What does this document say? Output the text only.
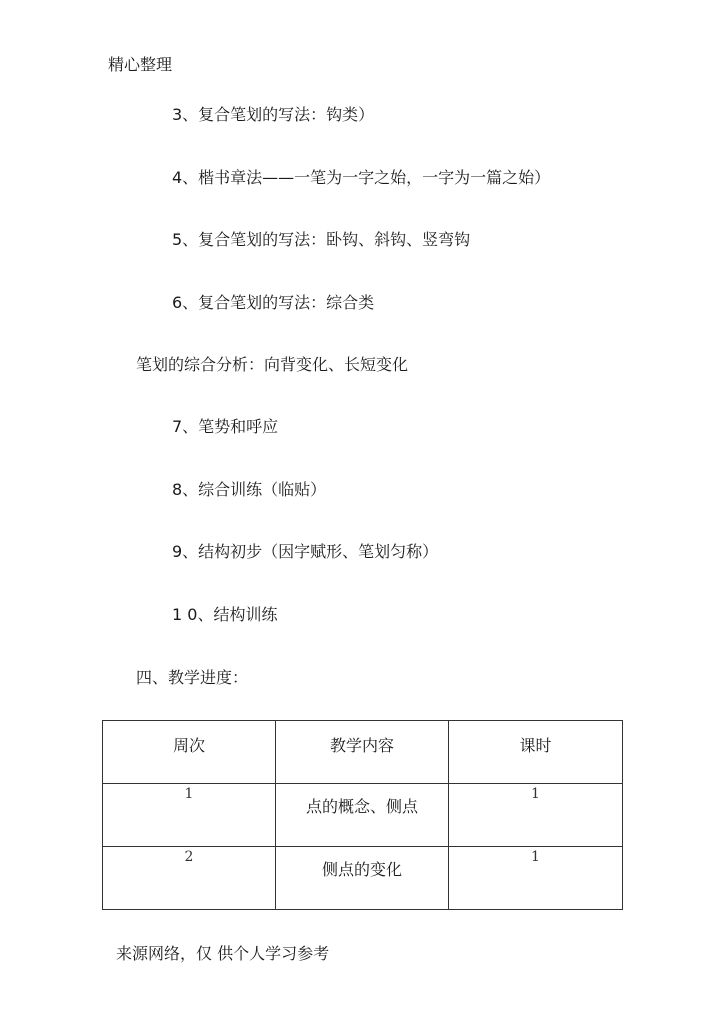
精心整理
3、复合笔划的写法：钩类）
4、楷书章法——一笔为一字之始，一字为一篇之始）
5、复合笔划的写法：卧钩、斜钩、竖弯钩
6、复合笔划的写法：综合类
笔划的综合分析：向背变化、长短变化
7、笔势和呼应
8、综合训练（临贴）
9、结构初步（因字赋形、笔划匀称）
1 0、结构训练
四、教学进度：
周次	教学内容	课时

1	点的概念、侧点	1

2	侧点的变化	1
来源网络，仅 供个人学习参考
